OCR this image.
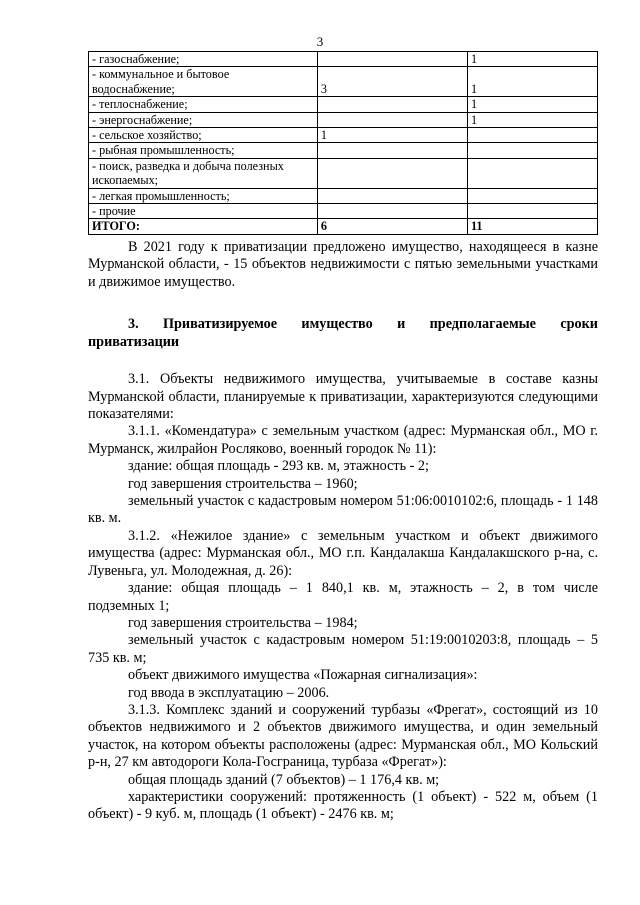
3
- газоснабжение;		1

- коммунальное и бытовое
водоснабжение;	3	1

- теплоснабжение;		1

- энергоснабжение;		1

- сельское хозяйство;	1	

- рыбная промышленность;		

- поиск, разведка и добыча полезных
ископаемых;		

- легкая промышленность;		

- прочие		

ИТОГО:	6	11

В 2021 году к приватизации предложено имущество, находящееся в казне Мурманской области, - 15 объектов недвижимости с пятью земельными участками и движимое имущество.

3. Приватизируемое имущество и предполагаемые сроки
приватизации

3.1. Объекты недвижимого имущества, учитываемые в составе казны Мурманской области, планируемые к приватизации, характеризуются следующими показателями:

3.1.1. «Комендатура» с земельным участком (адрес: Мурманская обл., МО г. Мурманск, жилрайон Росляково, военный городок № 11):

здание: общая площадь - 293 кв. м, этажность - 2;

год завершения строительства – 1960;

земельный участок с кадастровым номером 51:06:0010102:6, площадь - 1 148 кв. м.

3.1.2. «Нежилое здание» с земельным участком и объект движимого имущества (адрес: Мурманская обл., МО г.п. Кандалакша Кандалакшского р-на, с. Лувеньга, ул. Молодежная, д. 26):

здание: общая площадь – 1 840,1 кв. м, этажность – 2, в том числе подземных 1;

год завершения строительства – 1984;

земельный участок с кадастровым номером 51:19:0010203:8, площадь – 5 735 кв. м;

объект движимого имущества «Пожарная сигнализация»:

год ввода в эксплуатацию – 2006.

3.1.3. Комплекс зданий и сооружений турбазы «Фрегат», состоящий из 10 объектов недвижимого и 2 объектов движимого имущества, и один земельный участок, на котором объекты расположены (адрес: Мурманская обл., МО Кольский р-н, 27 км автодороги Кола-Госграница, турбаза «Фрегат»):

общая площадь зданий (7 объектов) – 1 176,4 кв. м;

характеристики сооружений: протяженность (1 объект) - 522 м, объем (1 объект) - 9 куб. м, площадь (1 объект) - 2476 кв. м;
